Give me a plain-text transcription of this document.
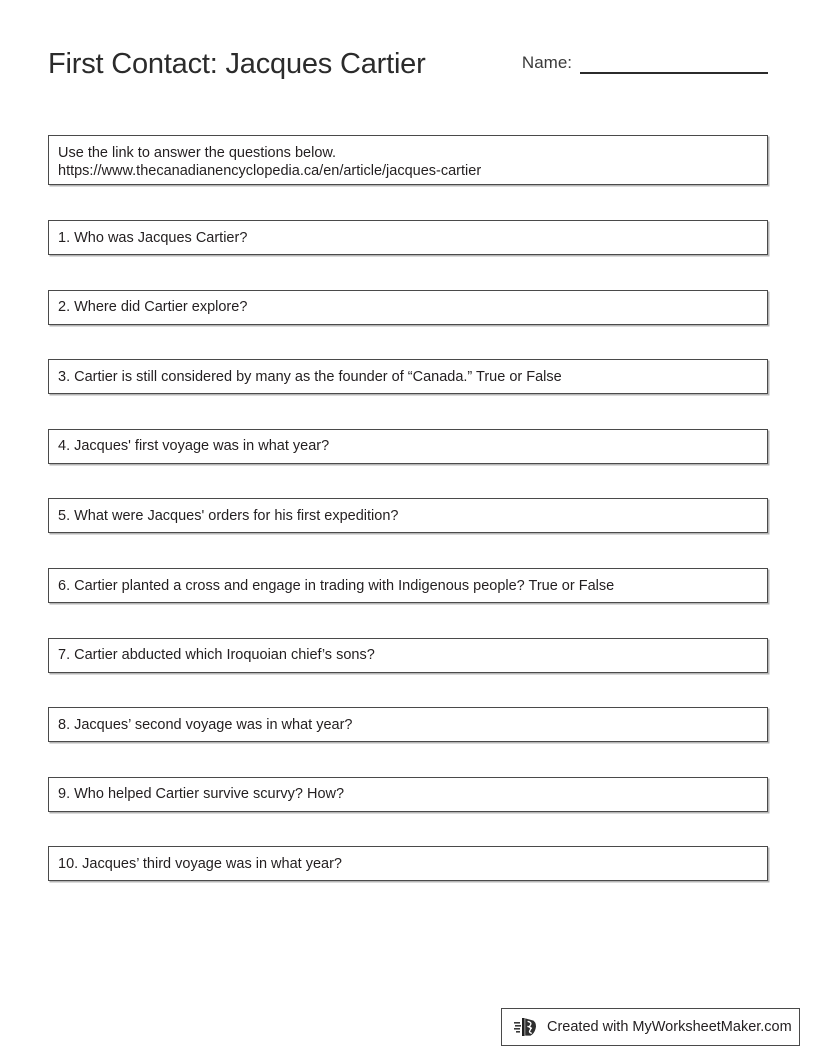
First Contact: Jacques Cartier	Name:
Use the link to answer the questions below.
https://www.thecanadianencyclopedia.ca/en/article/jacques-cartier
1. Who was Jacques Cartier?
2. Where did Cartier explore?
3. Cartier is still considered by many as the founder of “Canada.” True or False
4. Jacques' first voyage was in what year?
5. What were Jacques' orders for his first expedition?
6. Cartier planted a cross and engage in trading with Indigenous people? True or False
7. Cartier abducted which Iroquoian chief’s sons?
8. Jacques’ second voyage was in what year?
9. Who helped Cartier survive scurvy? How?
10. Jacques’ third voyage was in what year?
Created with MyWorksheetMaker.com
